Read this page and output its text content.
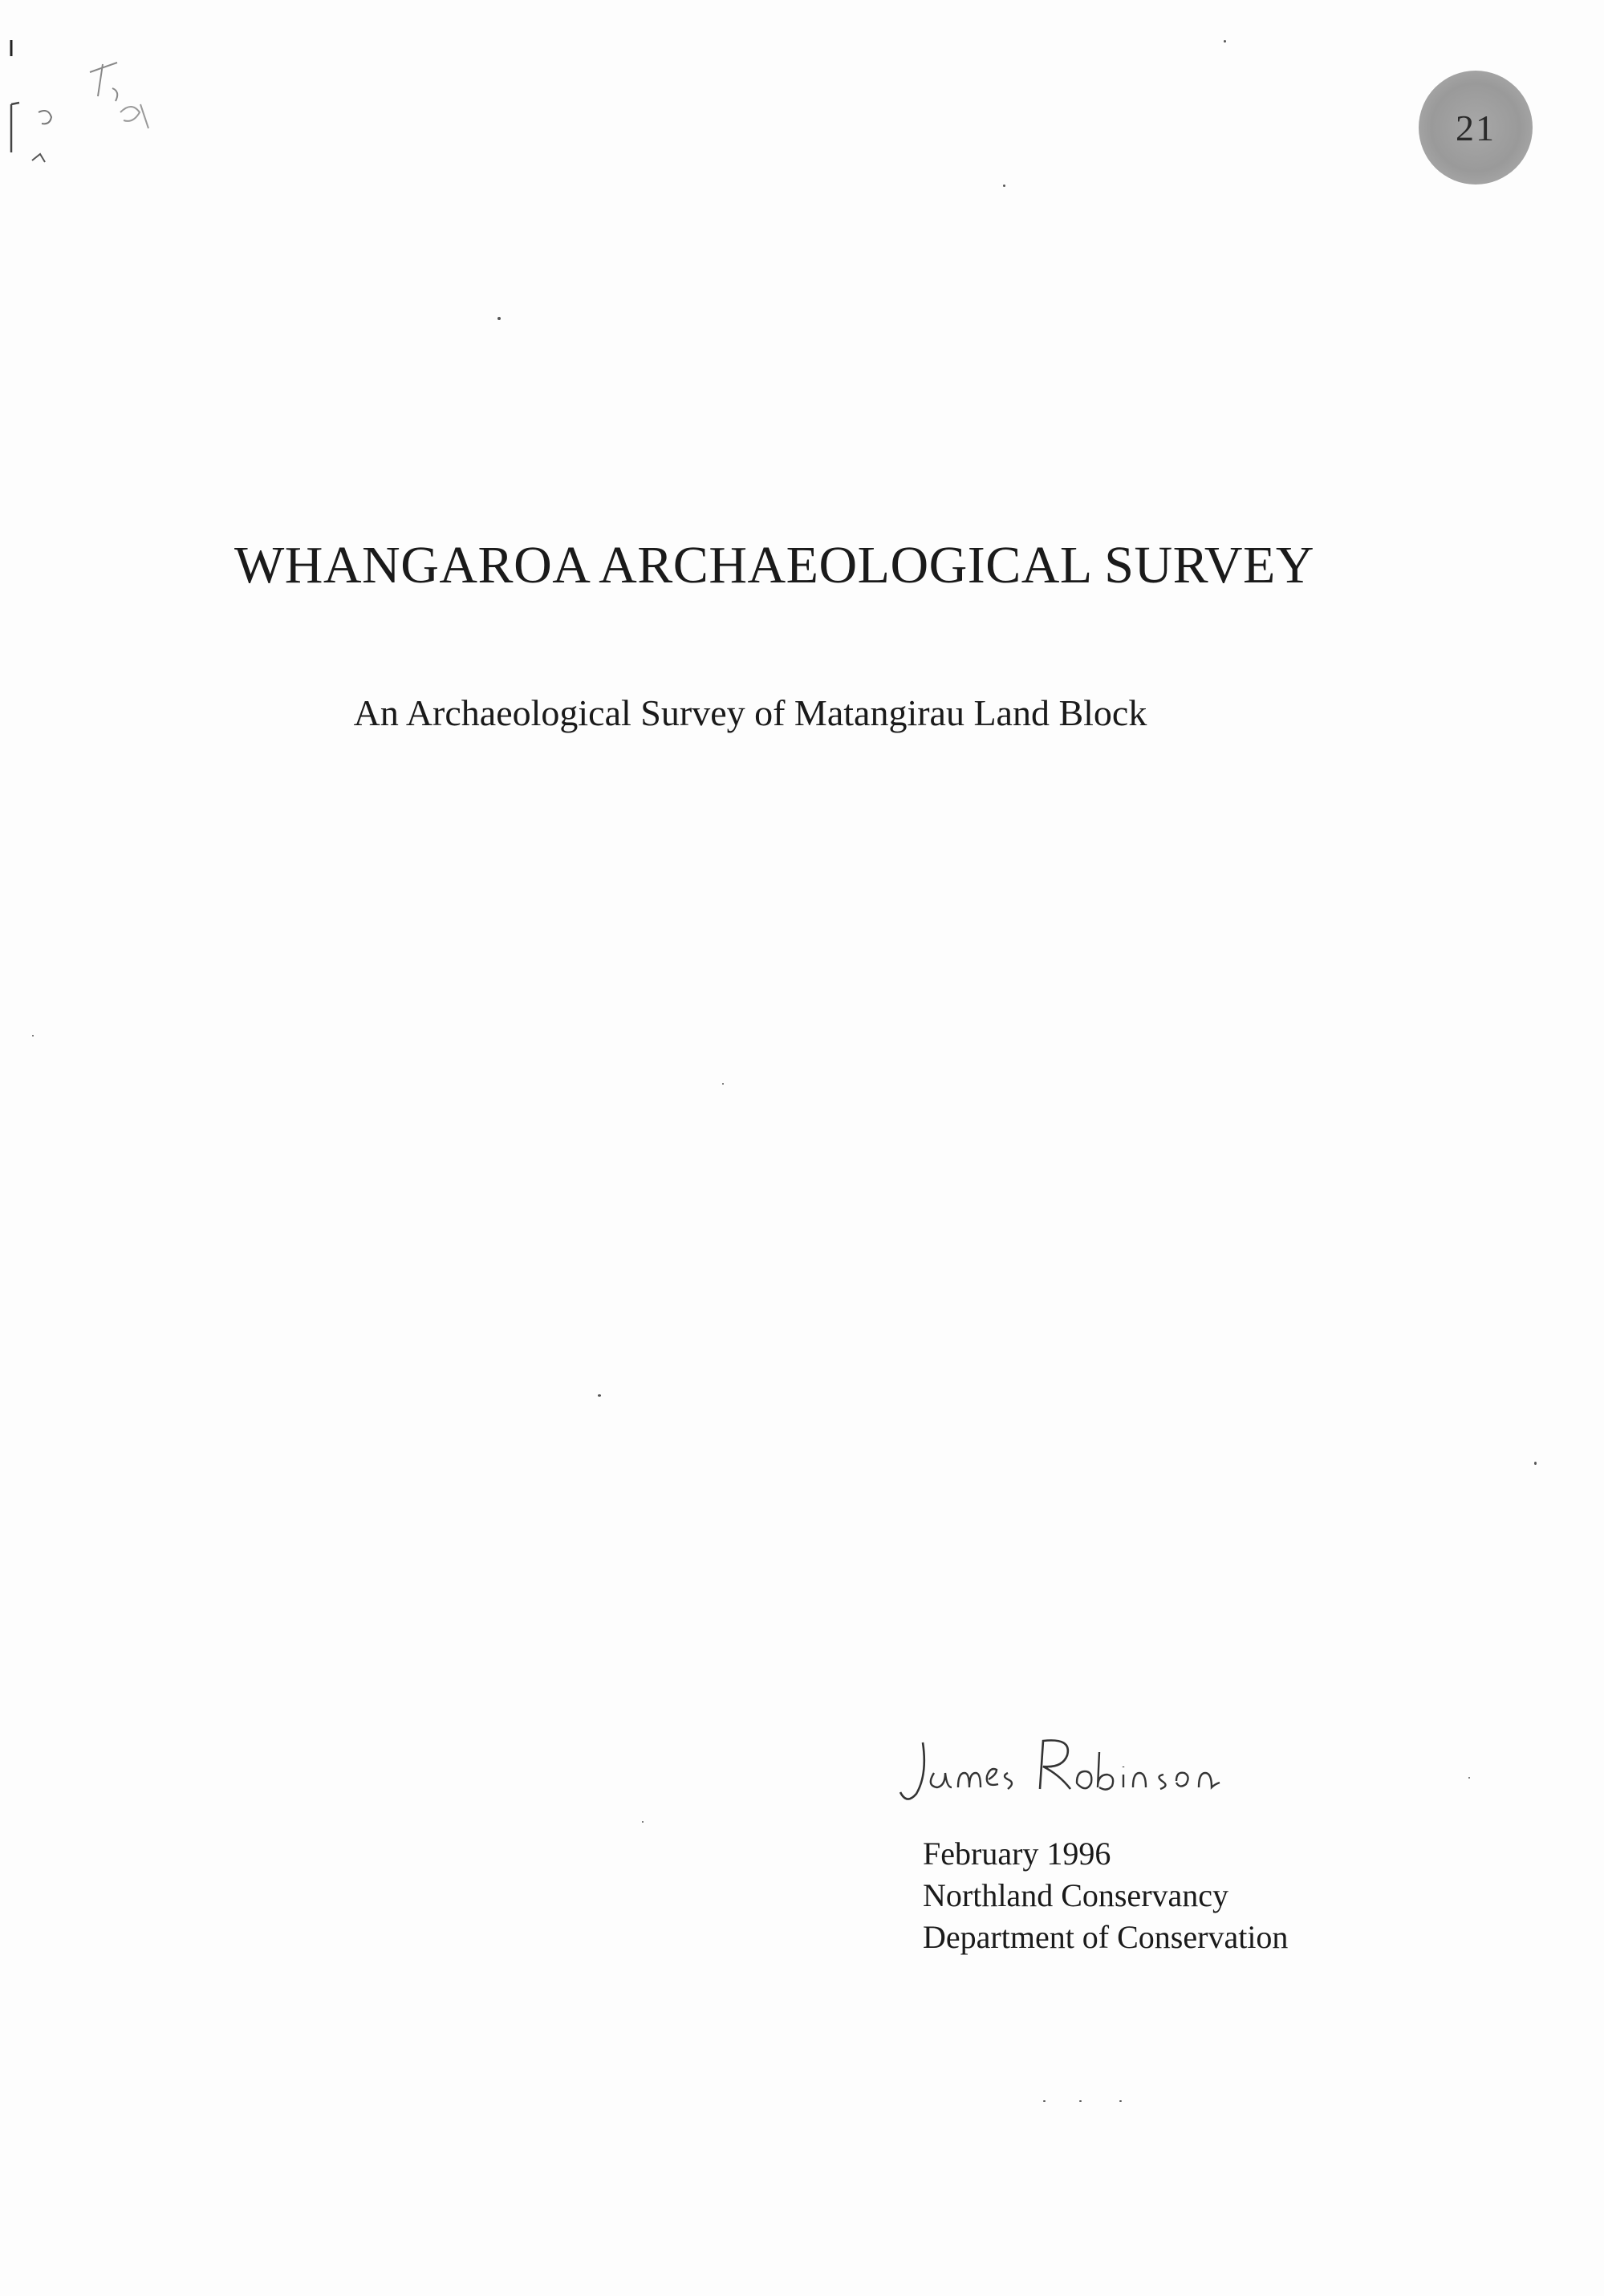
21
WHANGAROA ARCHAEOLOGICAL SURVEY

An Archaeological Survey of Matangirau Land Block

February 1996
Northland Conservancy
Department of Conservation
